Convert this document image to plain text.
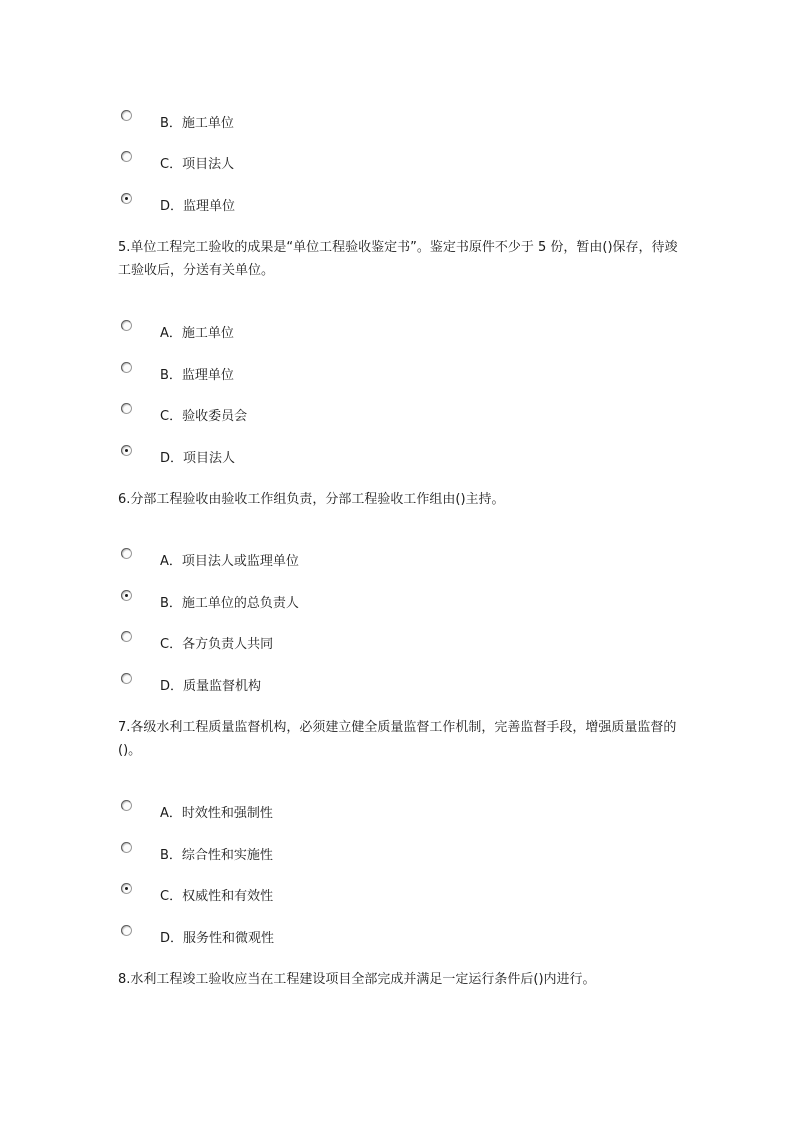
B．施工单位
C．项目法人
D．监理单位
5.单位工程完工验收的成果是“单位工程验收鉴定书”。鉴定书原件不少于 5 份，暂由()保存，待竣工验收后，分送有关单位。
A．施工单位
B．监理单位
C．验收委员会
D．项目法人
6.分部工程验收由验收工作组负责，分部工程验收工作组由()主持。
A．项目法人或监理单位
B．施工单位的总负责人
C．各方负责人共同
D．质量监督机构
7.各级水利工程质量监督机构，必须建立健全质量监督工作机制，完善监督手段，增强质量监督的()。
A．时效性和强制性
B．综合性和实施性
C．权威性和有效性
D．服务性和微观性
8.水利工程竣工验收应当在工程建设项目全部完成并满足一定运行条件后()内进行。
